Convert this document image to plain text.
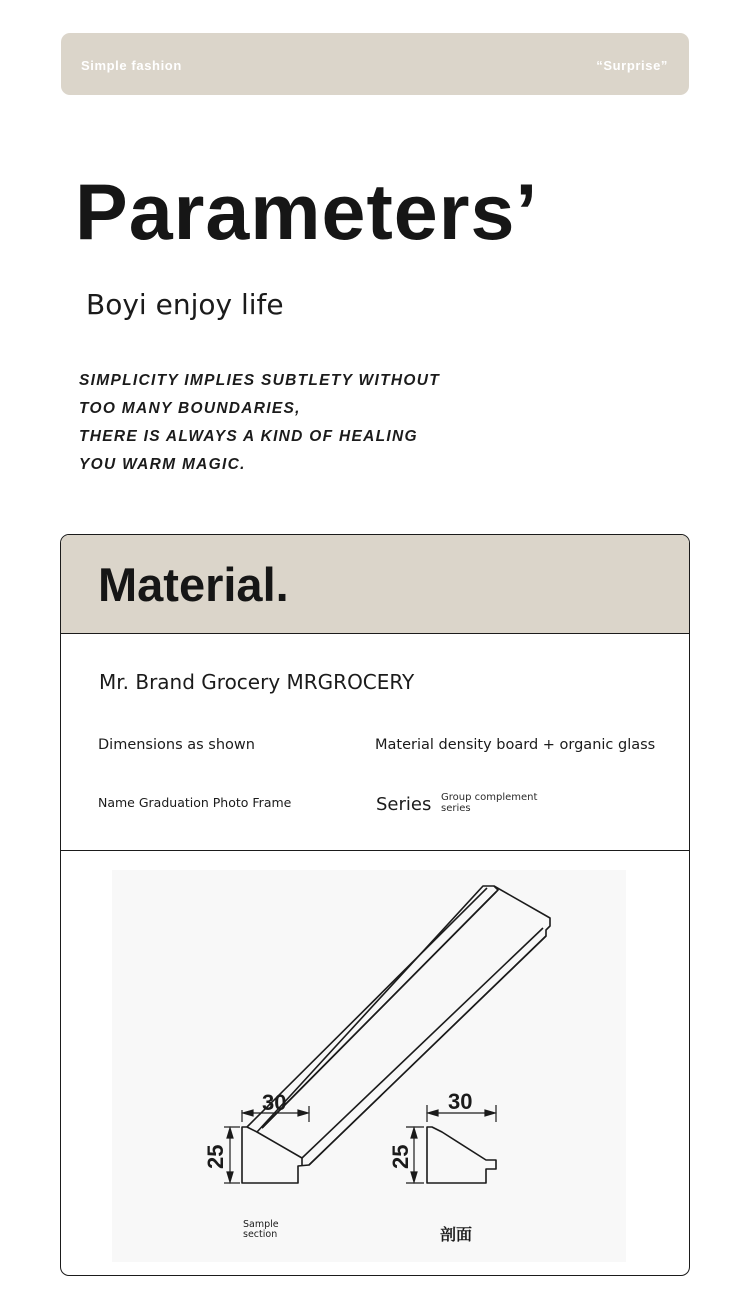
Simple fashion	“Surprise”
Parameters’

Boyi enjoy life

SIMPLICITY IMPLIES SUBTLETY WITHOUT
TOO MANY BOUNDARIES,
THERE IS ALWAYS A KIND OF HEALING
YOU WARM MAGIC.
Material.
Mr. Brand Grocery MRGROCERY
Dimensions as shown	Material density board + organic glass
Name Graduation Photo Frame	Series Group complement
series
30	30
25	25
Sample
section	剖面
